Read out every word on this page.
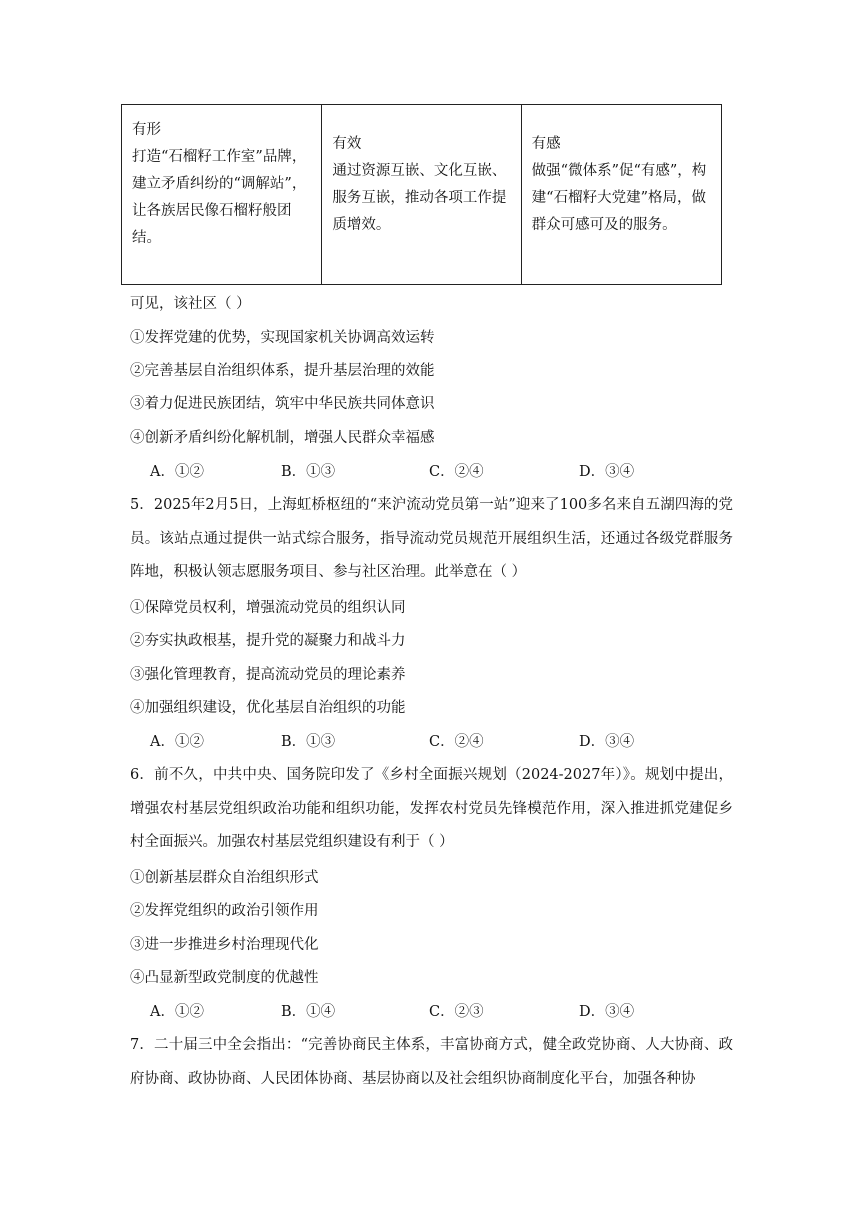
有形
打造“石榴籽工作室”品牌，建立矛盾纠纷的“调解站”，让各族居民像石榴籽般团结。
有效
通过资源互嵌、文化互嵌、服务互嵌，推动各项工作提质增效。
有感
做强“微体系”促“有感”，构建“石榴籽大党建”格局，做群众可感可及的服务。
可见，该社区（ ）
①发挥党建的优势，实现国家机关协调高效运转
②完善基层自治组织体系，提升基层治理的效能
③着力促进民族团结，筑牢中华民族共同体意识
④创新矛盾纠纷化解机制，增强人民群众幸福感
A．①②	B．①③	C．②④	D．③④
5．2025年2月5日，上海虹桥枢纽的“来沪流动党员第一站”迎来了100多名来自五湖四海的党员。该站点通过提供一站式综合服务，指导流动党员规范开展组织生活，还通过各级党群服务阵地，积极认领志愿服务项目、参与社区治理。此举意在（ ）
①保障党员权利，增强流动党员的组织认同
②夯实执政根基，提升党的凝聚力和战斗力
③强化管理教育，提高流动党员的理论素养
④加强组织建设，优化基层自治组织的功能
A．①②	B．①③	C．②④	D．③④
6．前不久，中共中央、国务院印发了《乡村全面振兴规划（2024-2027年）》。规划中提出，增强农村基层党组织政治功能和组织功能，发挥农村党员先锋模范作用，深入推进抓党建促乡村全面振兴。加强农村基层党组织建设有利于（ ）
①创新基层群众自治组织形式
②发挥党组织的政治引领作用
③进一步推进乡村治理现代化
④凸显新型政党制度的优越性
A．①②	B．①④	C．②③	D．③④
7．二十届三中全会指出：“完善协商民主体系，丰富协商方式，健全政党协商、人大协商、政府协商、政协协商、人民团体协商、基层协商以及社会组织协商制度化平台，加强各种协
